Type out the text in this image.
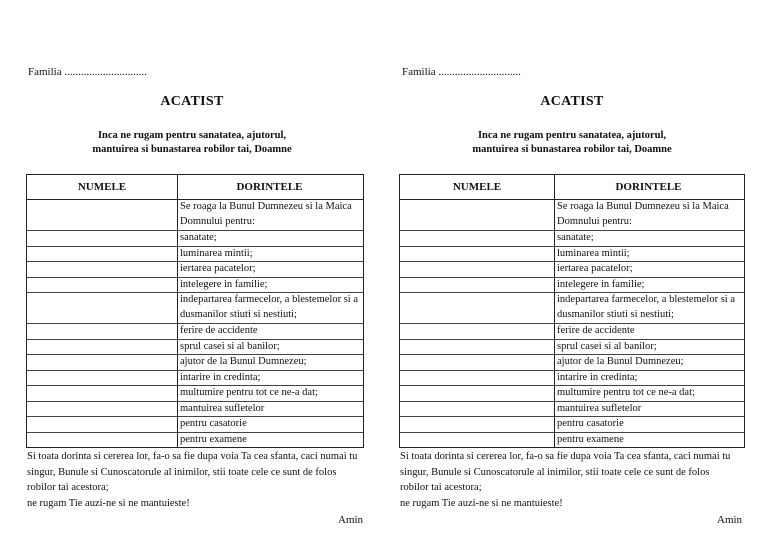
Familia ..............................
ACATIST
Inca ne rugam pentru sanatatea, ajutorul,
mantuirea si bunastarea robilor tai, Doamne
NUMELE	DORINTELE
Se roaga la Bunul Dumnezeu si la Maica Domnului pentru:
sanatate;
luminarea mintii;
iertarea pacatelor;
intelegere in familie;
indepartarea farmecelor, a blestemelor si a dusmanilor stiuti si nestiuti;
ferire de accidente
sprul casei si al banilor;
ajutor de la Bunul Dumnezeu;
intarire in credinta;
multumire pentru tot ce ne-a dat;
mantuirea sufletelor
pentru casatorie
pentru examene
Si toata dorinta si cererea lor, fa-o sa fie dupa voia Ta cea sfanta, caci numai tu
singur, Bunule si Cunoscatorule al inimilor, stii toate cele ce sunt de folos
robilor tai acestora;
ne rugam Tie auzi-ne si ne mantuieste!
Amin
Familia ..............................
ACATIST
Inca ne rugam pentru sanatatea, ajutorul,
mantuirea si bunastarea robilor tai, Doamne
NUMELE	DORINTELE
Se roaga la Bunul Dumnezeu si la Maica Domnului pentru:
sanatate;
luminarea mintii;
iertarea pacatelor;
intelegere in familie;
indepartarea farmecelor, a blestemelor si a dusmanilor stiuti si nestiuti;
ferire de accidente
sprul casei si al banilor;
ajutor de la Bunul Dumnezeu;
intarire in credinta;
multumire pentru tot ce ne-a dat;
mantuirea sufletelor
pentru casatorie
pentru examene
Si toata dorinta si cererea lor, fa-o sa fie dupa voia Ta cea sfanta, caci numai tu
singur, Bunule si Cunoscatorule al inimilor, stii toate cele ce sunt de folos
robilor tai acestora;
ne rugam Tie auzi-ne si ne mantuieste!
Amin
